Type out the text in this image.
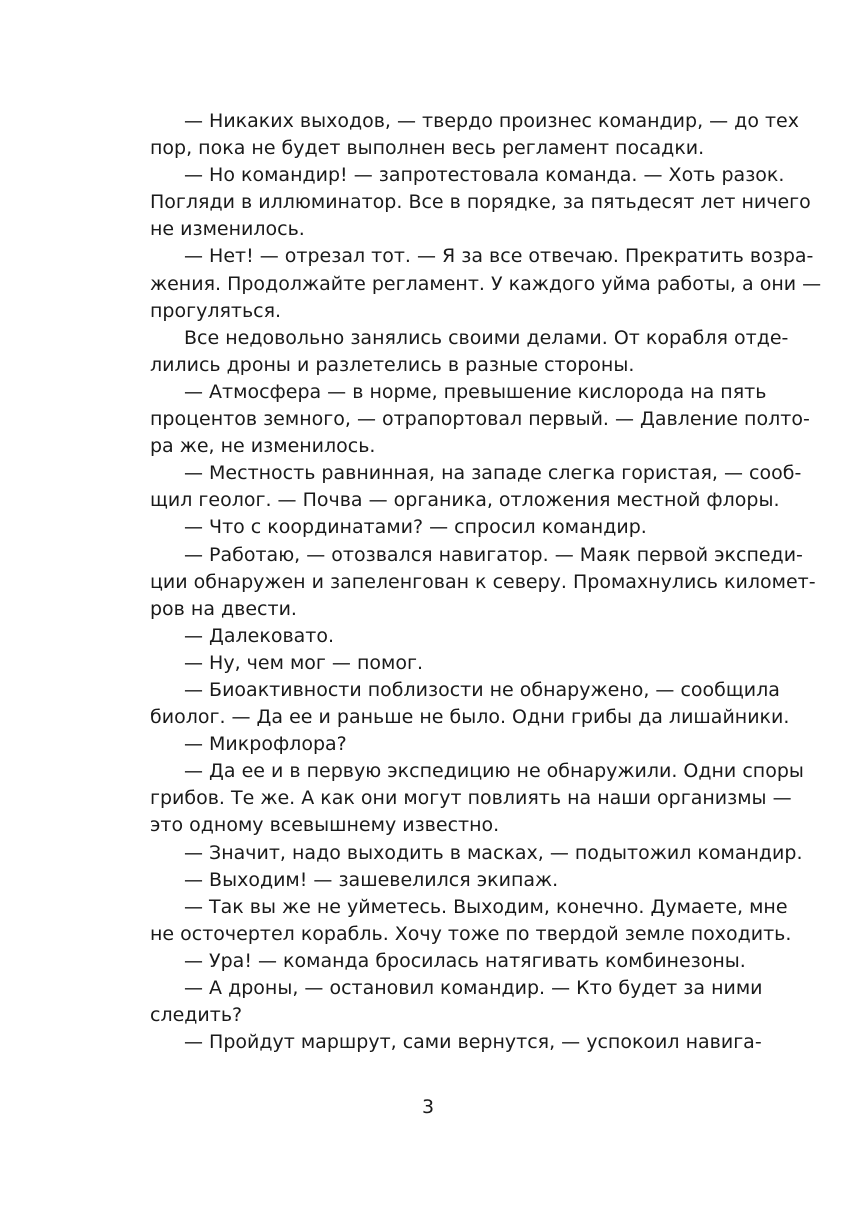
— Никаких выходов, — твердо произнес командир, — до тех
пор, пока не будет выполнен весь регламент посадки.
— Но командир! — запротестовала команда. — Хоть разок.
Погляди в иллюминатор. Все в порядке, за пятьдесят лет ничего
не изменилось.
— Нет! — отрезал тот. — Я за все отвечаю. Прекратить возра-
жения. Продолжайте регламент. У каждого уйма работы, а они —
прогуляться.
Все недовольно занялись своими делами. От корабля отде-
лились дроны и разлетелись в разные стороны.
— Атмосфера — в норме, превышение кислорода на пять
процентов земного, — отрапортовал первый. — Давление полто-
ра же, не изменилось.
— Местность равнинная, на западе слегка гористая, — сооб-
щил геолог. — Почва — органика, отложения местной флоры.
— Что с координатами? — спросил командир.
— Работаю, — отозвался навигатор. — Маяк первой экспеди-
ции обнаружен и запеленгован к северу. Промахнулись километ-
ров на двести.
— Далековато.
— Ну, чем мог — помог.
— Биоактивности поблизости не обнаружено, — сообщила
биолог. — Да ее и раньше не было. Одни грибы да лишайники.
— Микрофлора?
— Да ее и в первую экспедицию не обнаружили. Одни споры
грибов. Те же. А как они могут повлиять на наши организмы —
это одному всевышнему известно.
— Значит, надо выходить в масках, — подытожил командир.
— Выходим! — зашевелился экипаж.
— Так вы же не уйметесь. Выходим, конечно. Думаете, мне
не осточертел корабль. Хочу тоже по твердой земле походить.
— Ура! — команда бросилась натягивать комбинезоны.
— А дроны, — остановил командир. — Кто будет за ними
следить?
— Пройдут маршрут, сами вернутся, — успокоил навига-
3
